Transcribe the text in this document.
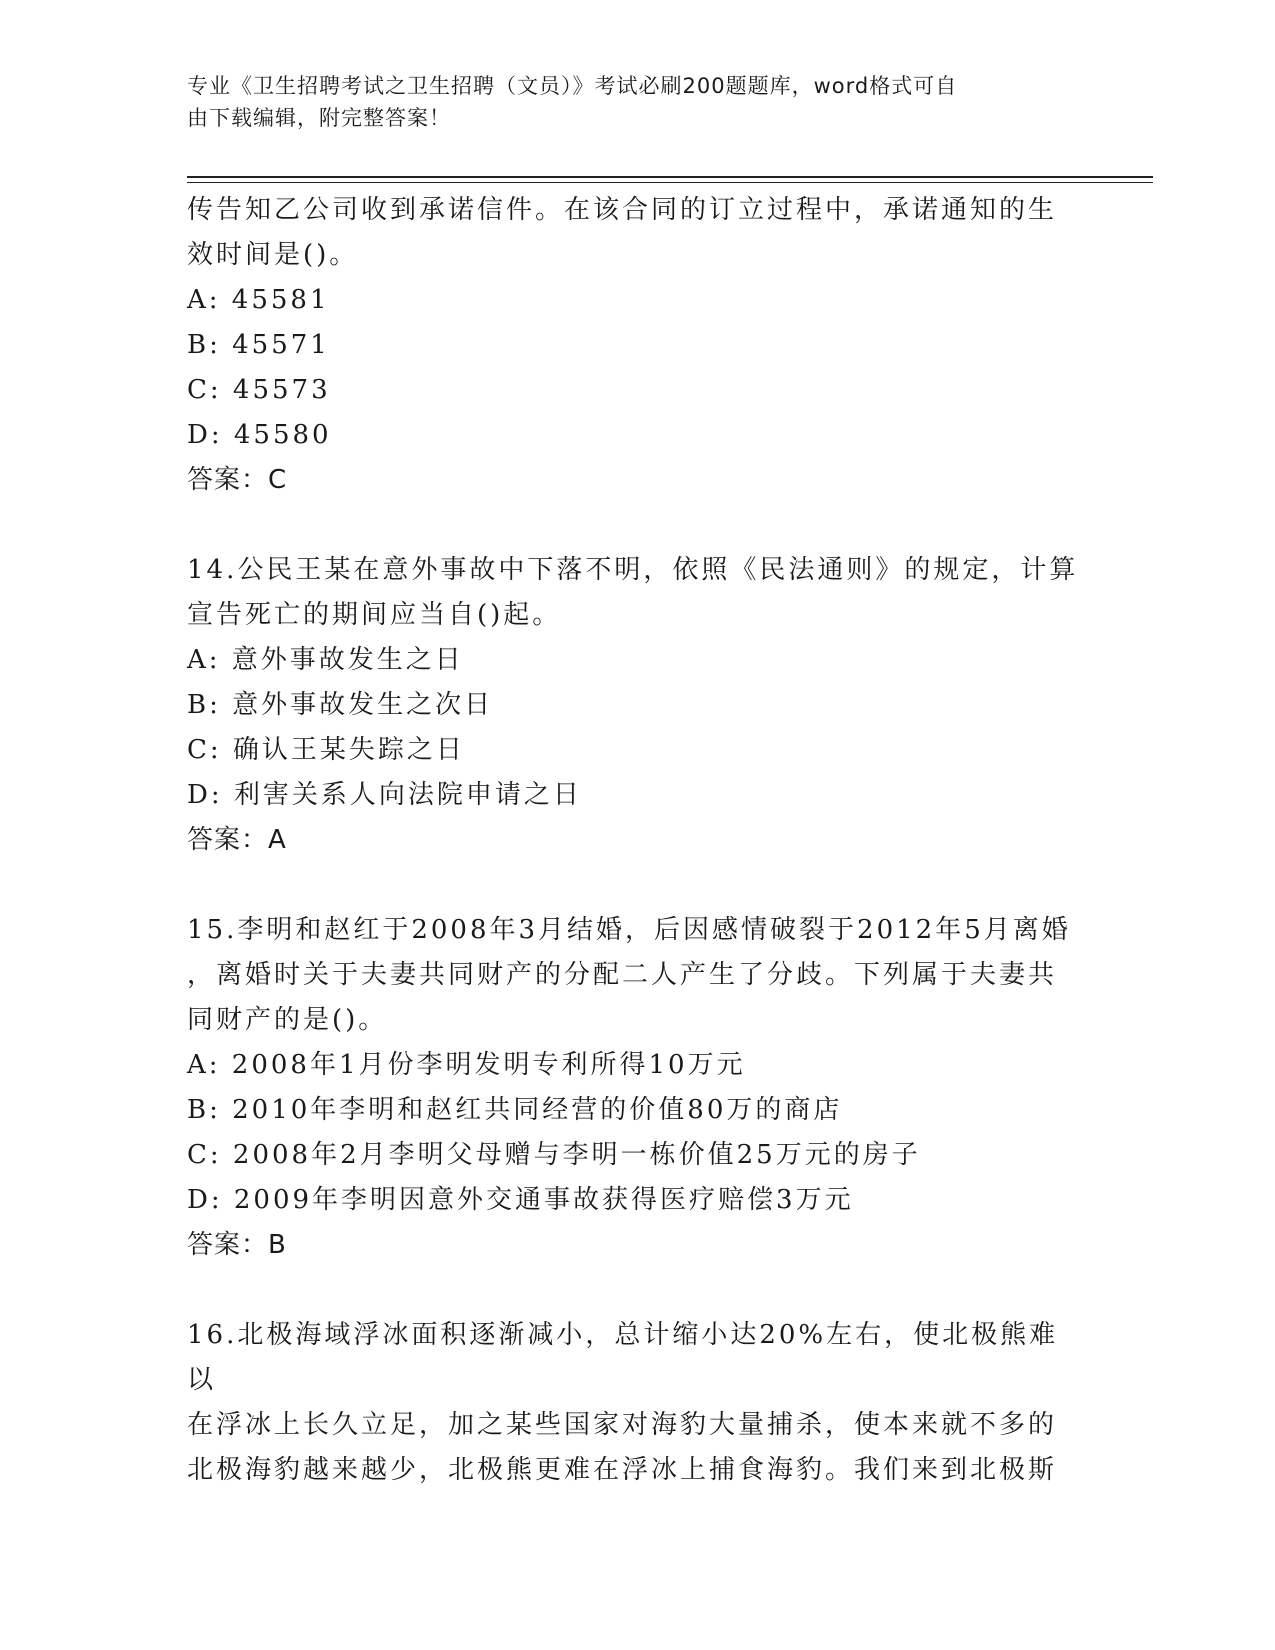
专业《卫生招聘考试之卫生招聘（文员）》考试必刷200题题库，word格式可自
由下载编辑，附完整答案！

传告知乙公司收到承诺信件。在该合同的订立过程中，承诺通知的生

效时间是()。

A: 45581

B: 45571

C: 45573

D: 45580

答案：C

14.公民王某在意外事故中下落不明，依照《民法通则》的规定，计算

宣告死亡的期间应当自()起。

A: 意外事故发生之日

B: 意外事故发生之次日

C: 确认王某失踪之日

D: 利害关系人向法院申请之日

答案：A

15.李明和赵红于2008年3月结婚，后因感情破裂于2012年5月离婚

，离婚时关于夫妻共同财产的分配二人产生了分歧。下列属于夫妻共

同财产的是()。

A: 2008年1月份李明发明专利所得10万元

B: 2010年李明和赵红共同经营的价值80万的商店

C: 2008年2月李明父母赠与李明一栋价值25万元的房子

D: 2009年李明因意外交通事故获得医疗赔偿3万元

答案：B

16.北极海域浮冰面积逐渐减小，总计缩小达20%左右，使北极熊难以

在浮冰上长久立足，加之某些国家对海豹大量捕杀，使本来就不多的

北极海豹越来越少，北极熊更难在浮冰上捕食海豹。我们来到北极斯
